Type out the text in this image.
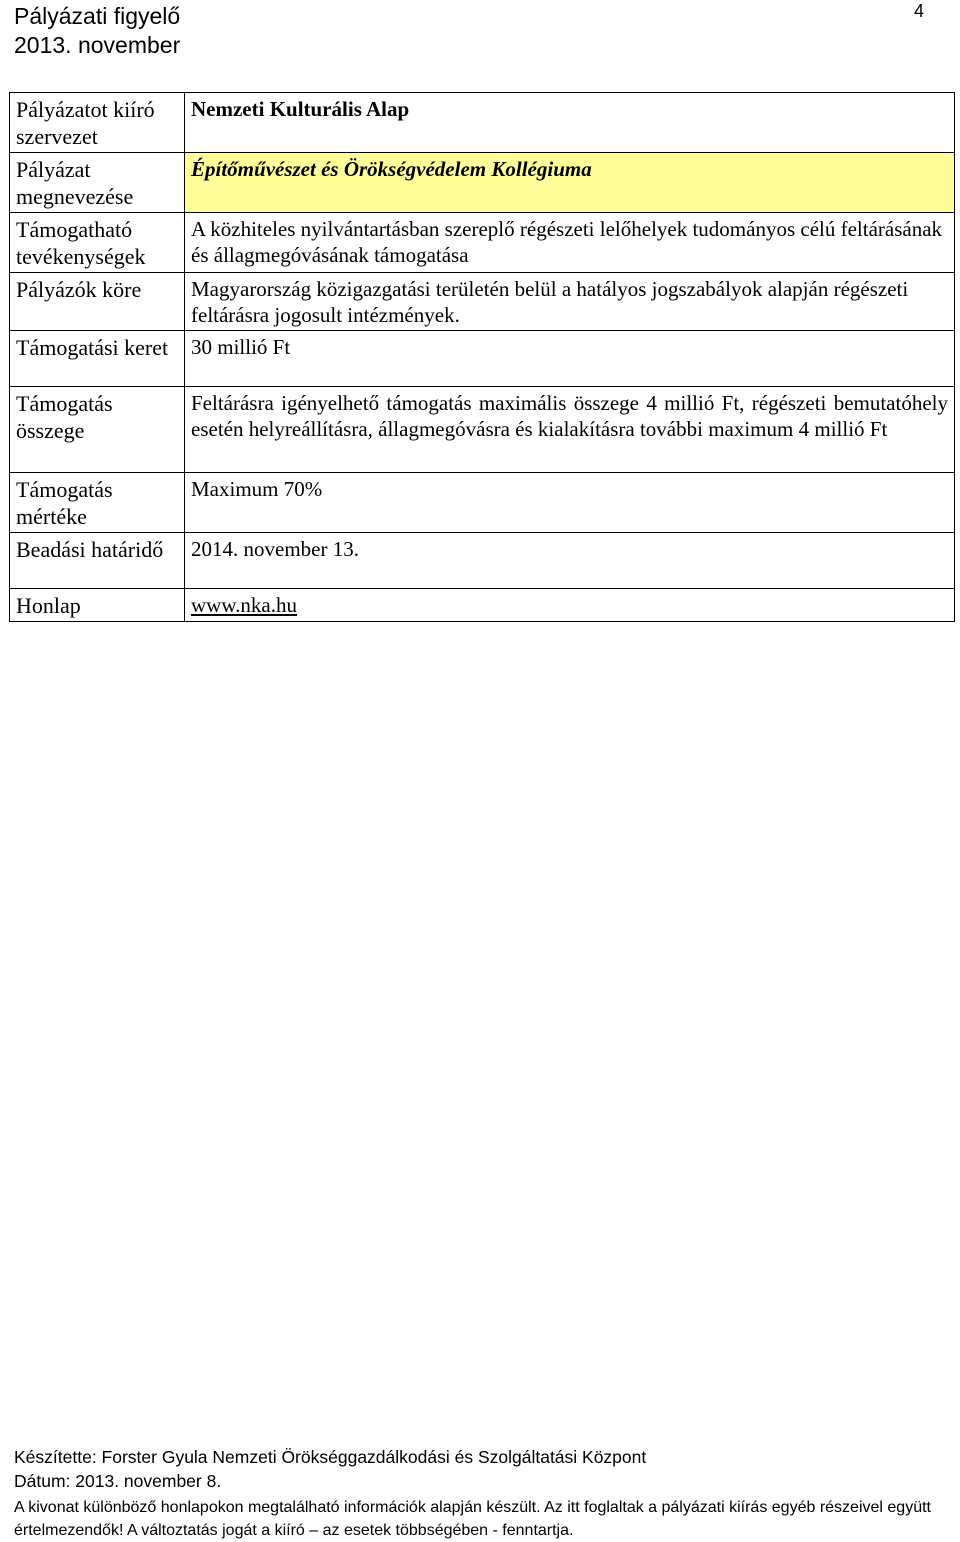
Pályázati figyelő
2013. november
4
Pályázatot kiíró szervezet	Nemzeti Kulturális Alap
Pályázat megnevezése	Építőművészet és Örökségvédelem Kollégiuma
Támogatható tevékenységek	A közhiteles nyilvántartásban szereplő régészeti lelőhelyek tudományos célú feltárásának és állagmegóvásának támogatása
Pályázók köre	Magyarország közigazgatási területén belül a hatályos jogszabályok alapján régészeti feltárásra jogosult intézmények.
Támogatási keret	30 millió Ft
Támogatás összege	Feltárásra igényelhető támogatás maximális összege 4 millió Ft, régészeti bemutatóhely esetén helyreállításra, állagmegóvásra és kialakításra további maximum 4 millió Ft
Támogatás mértéke	Maximum 70%
Beadási határidő	2014. november 13.
Honlap	www.nka.hu
Készítette: Forster Gyula Nemzeti Örökséggazdálkodási és Szolgáltatási Központ
Dátum: 2013. november 8.
A kivonat különböző honlapokon megtalálható információk alapján készült. Az itt foglaltak a pályázati kiírás egyéb részeivel együtt értelmezendők! A változtatás jogát a kiíró – az esetek többségében - fenntartja.
